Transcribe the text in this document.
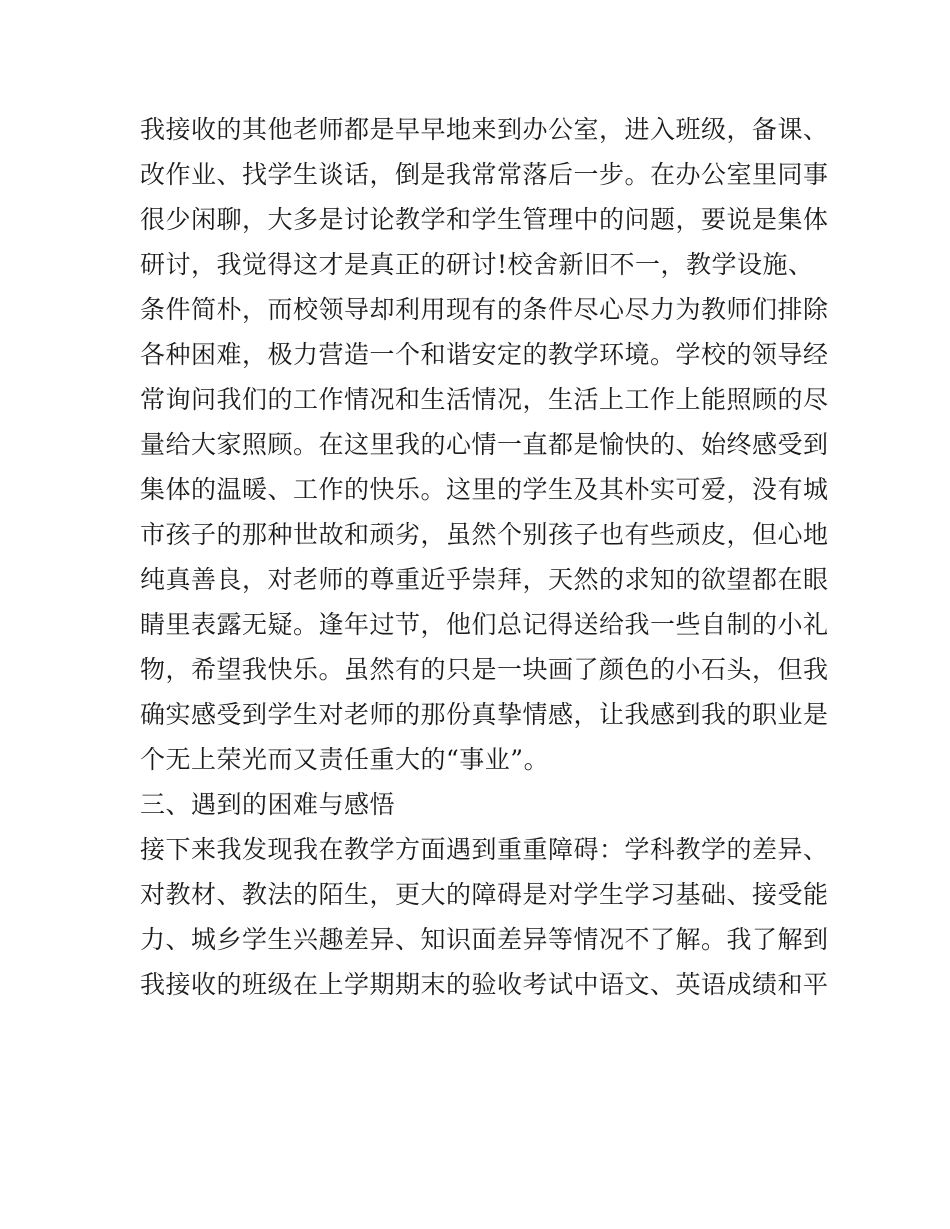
我接收的其他老师都是早早地来到办公室，进入班级，备课、
改作业、找学生谈话，倒是我常常落后一步。在办公室里同事
很少闲聊，大多是讨论教学和学生管理中的问题，要说是集体
研讨，我觉得这才是真正的研讨!校舍新旧不一，教学设施、
条件简朴，而校领导却利用现有的条件尽心尽力为教师们排除
各种困难，极力营造一个和谐安定的教学环境。学校的领导经
常询问我们的工作情况和生活情况，生活上工作上能照顾的尽
量给大家照顾。在这里我的心情一直都是愉快的、始终感受到
集体的温暖、工作的快乐。这里的学生及其朴实可爱，没有城
市孩子的那种世故和顽劣，虽然个别孩子也有些顽皮，但心地
纯真善良，对老师的尊重近乎崇拜，天然的求知的欲望都在眼
睛里表露无疑。逢年过节，他们总记得送给我一些自制的小礼
物，希望我快乐。虽然有的只是一块画了颜色的小石头，但我
确实感受到学生对老师的那份真挚情感，让我感到我的职业是
个无上荣光而又责任重大的“事业”。
三、遇到的困难与感悟
接下来我发现我在教学方面遇到重重障碍：学科教学的差异、
对教材、教法的陌生，更大的障碍是对学生学习基础、接受能
力、城乡学生兴趣差异、知识面差异等情况不了解。我了解到
我接收的班级在上学期期末的验收考试中语文、英语成绩和平
